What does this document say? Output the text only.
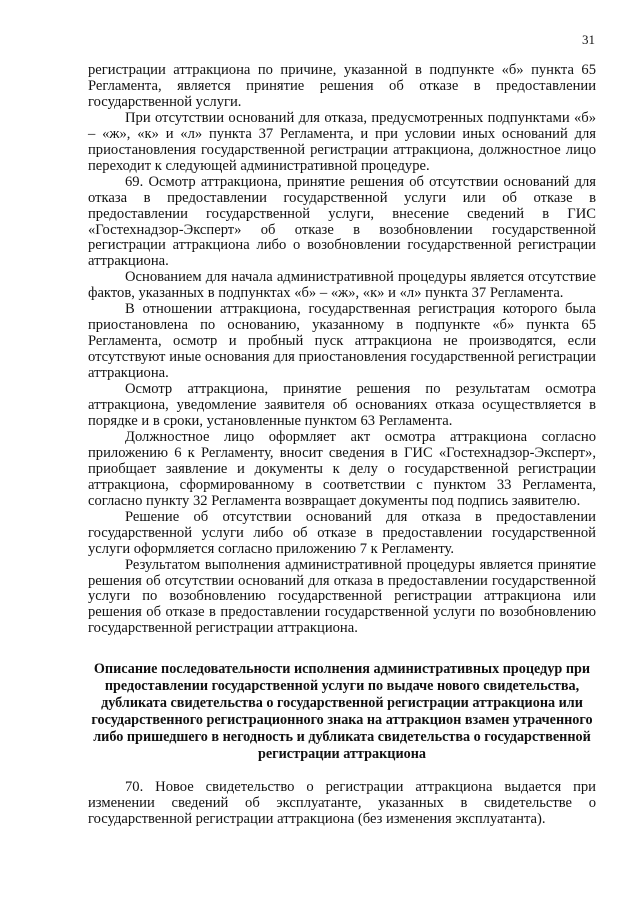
31

регистрации аттракциона по причине, указанной в подпункте «б» пункта 65 Регламента, является принятие решения об отказе в предоставлении государственной услуги.

При отсутствии оснований для отказа, предусмотренных подпунктами «б» – «ж», «к» и «л» пункта 37 Регламента, и при условии иных оснований для приостановления государственной регистрации аттракциона, должностное лицо переходит к следующей административной процедуре.

69. Осмотр аттракциона, принятие решения об отсутствии оснований для отказа в предоставлении государственной услуги или об отказе в предоставлении государственной услуги, внесение сведений в ГИС «Гостехнадзор-Эксперт» об отказе в возобновлении государственной регистрации аттракциона либо о возобновлении государственной регистрации аттракциона.

Основанием для начала административной процедуры является отсутствие фактов, указанных в подпунктах «б» – «ж», «к» и «л» пункта 37 Регламента.

В отношении аттракциона, государственная регистрация которого была приостановлена по основанию, указанному в подпункте «б» пункта 65 Регламента, осмотр и пробный пуск аттракциона не производятся, если отсутствуют иные основания для приостановления государственной регистрации аттракциона.

Осмотр аттракциона, принятие решения по результатам осмотра аттракциона, уведомление заявителя об основаниях отказа осуществляется в порядке и в сроки, установленные пунктом 63 Регламента.

Должностное лицо оформляет акт осмотра аттракциона согласно приложению 6 к Регламенту, вносит сведения в ГИС «Гостехнадзор-Эксперт», приобщает заявление и документы к делу о государственной регистрации аттракциона, сформированному в соответствии с пунктом 33 Регламента, согласно пункту 32 Регламента возвращает документы под подпись заявителю.

Решение об отсутствии оснований для отказа в предоставлении государственной услуги либо об отказе в предоставлении государственной услуги оформляется согласно приложению 7 к Регламенту.

Результатом выполнения административной процедуры является принятие решения об отсутствии оснований для отказа в предоставлении государственной услуги по возобновлению государственной регистрации аттракциона или решения об отказе в предоставлении государственной услуги по возобновлению государственной регистрации аттракциона.

Описание последовательности исполнения административных процедур при предоставлении государственной услуги по выдаче нового свидетельства, дубликата свидетельства о государственной регистрации аттракциона или государственного регистрационного знака на аттракцион взамен утраченного либо пришедшего в негодность и дубликата свидетельства о государственной регистрации аттракциона

70. Новое свидетельство о регистрации аттракциона выдается при изменении сведений об эксплуатанте, указанных в свидетельстве о государственной регистрации аттракциона (без изменения эксплуатанта).
